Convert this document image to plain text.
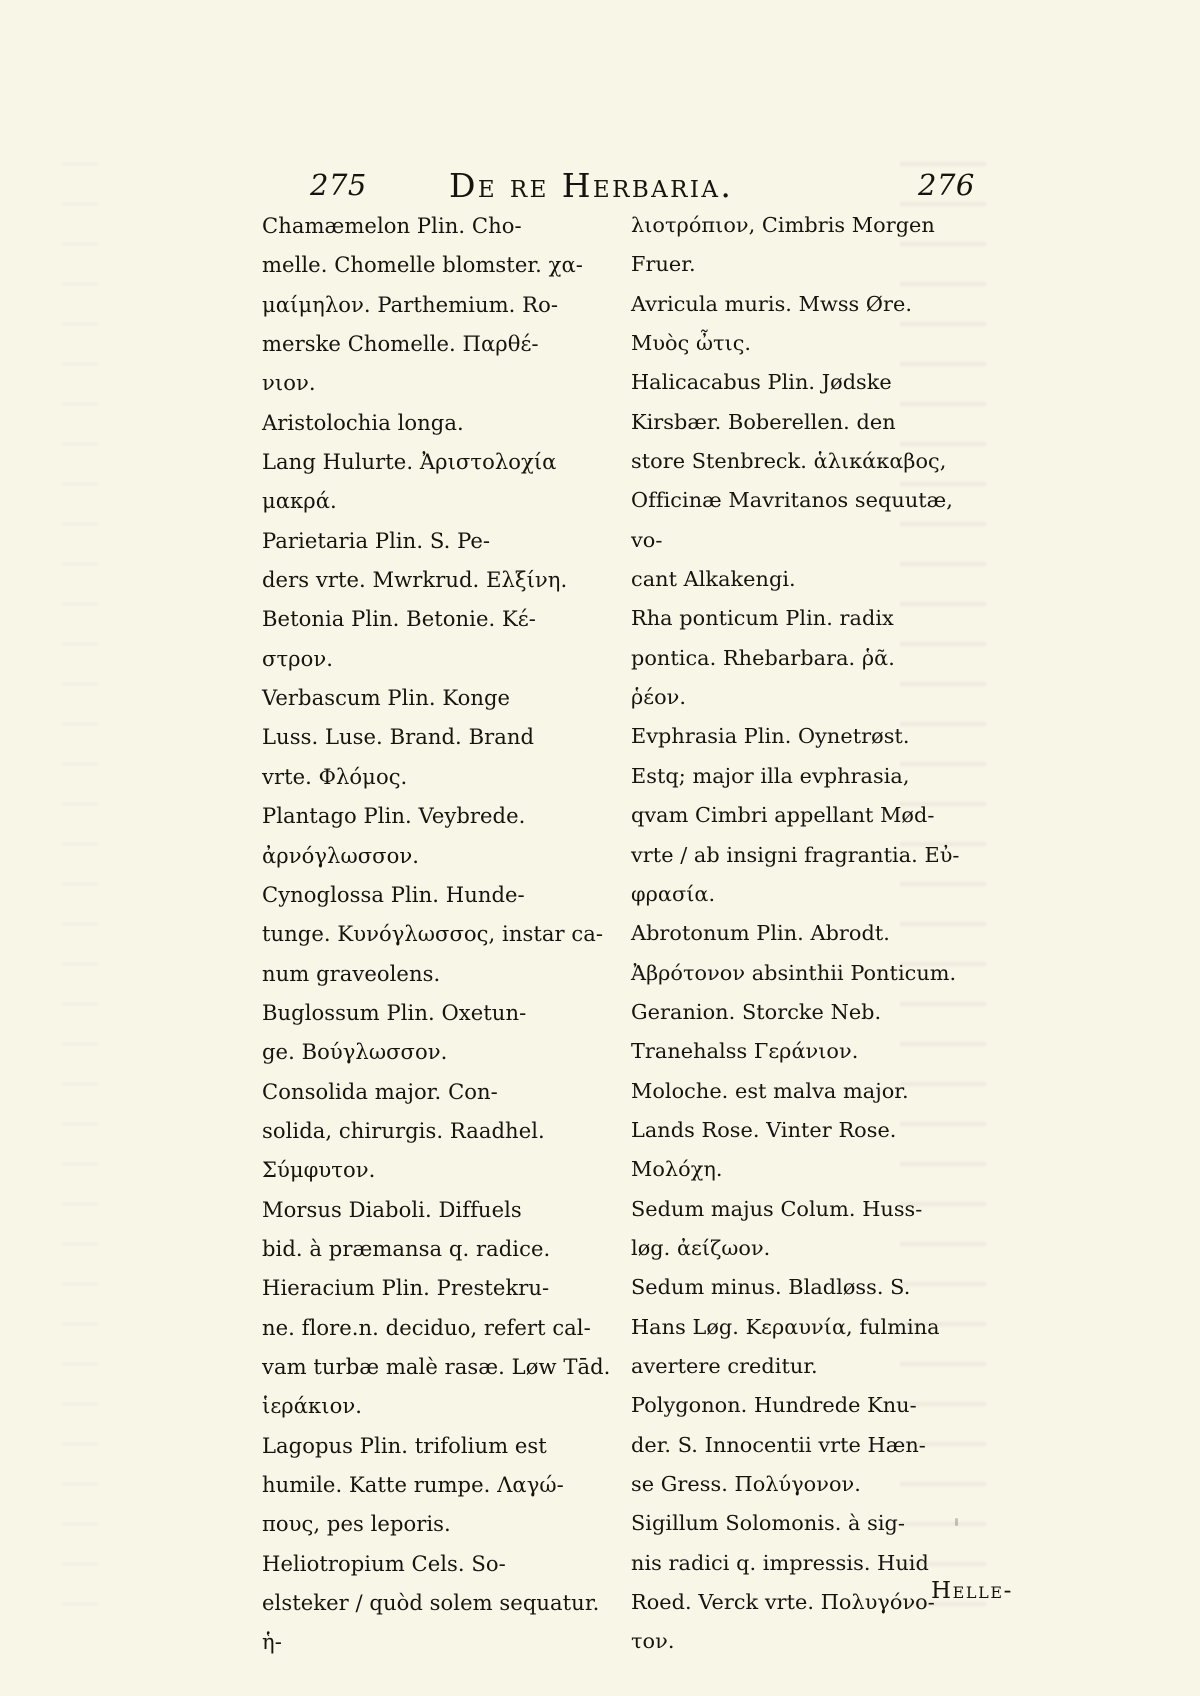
275 De re Herbaria.	276

Chamæmelon Plin. Cho-
melle. Chomelle blomster. χα-
μαίμηλον. Parthemium. Ro-
merske Chomelle. Παρθέ-
νιον.
Aristolochia longa.
Lang Hulurte. Ἀριστολοχία
μακρά.
Parietaria Plin. S. Pe-
ders vrte. Mwrkrud. Ελξίνη.
Betonia Plin. Betonie. Κέ-
στρον.
Verbascum Plin. Konge
Luss. Luse. Brand. Brand
vrte. Φλόμος.
Plantago Plin. Veybrede.
ἀρνόγλωσσον.
Cynoglossa Plin. Hunde-
tunge. Κυνόγλωσσος, instar ca-
num graveolens.
Buglossum Plin. Oxetun-
ge. Βούγλωσσον.
Consolida major. Con-
solida, chirurgis. Raadhel.
Σύμφυτον.
Morsus Diaboli. Diffuels
bid. à præmansa q. radice.
Hieracium Plin. Prestekru-
ne. flore.n. deciduo, refert cal-
vam turbæ malè rasæ. Løw Tād.
ἱεράκιον.
Lagopus Plin. trifolium est
humile. Katte rumpe. Λαγώ-
πους, pes leporis.
Heliotropium Cels. So-
elsteker / quòd solem sequatur. ἡ-

λιοτρόπιον, Cimbris Morgen
Fruer.
Avricula muris. Mwss Øre.
Μυὸς ὦτις.
Halicacabus Plin. Jødske
Kirsbær. Boberellen. den
store Stenbreck. ἁλικάκαβος,
Officinæ Mavritanos sequutæ, vo-
cant Alkakengi.
Rha ponticum Plin. radix
pontica. Rhebarbara. ῥᾶ.
ῥέον.
Evphrasia Plin. Oynetrøst.
Estq; major illa evphrasia,
qvam Cimbri appellant Mød-
vrte / ab insigni fragrantia. Εὐ-
φρασία.
Abrotonum Plin. Abrodt.
Ἀβρότονον absinthii Ponticum.
Geranion. Storcke Neb.
Tranehalss Γεράνιον.
Moloche. est malva major.
Lands Rose. Vinter Rose.
Μολόχη.
Sedum majus Colum. Huss-
løg. ἀείζωον.
Sedum minus. Bladløss. S.
Hans Løg. Κεραυνία, fulmina
avertere creditur.
Polygonon. Hundrede Knu-
der. S. Innocentii vrte Hæn-
se Gress. Πολύγονον.
Sigillum Solomonis. à sig-
nis radici q. impressis. Huid
Roed. Verck vrte. Πολυγόνο-
τον.

Helle-
